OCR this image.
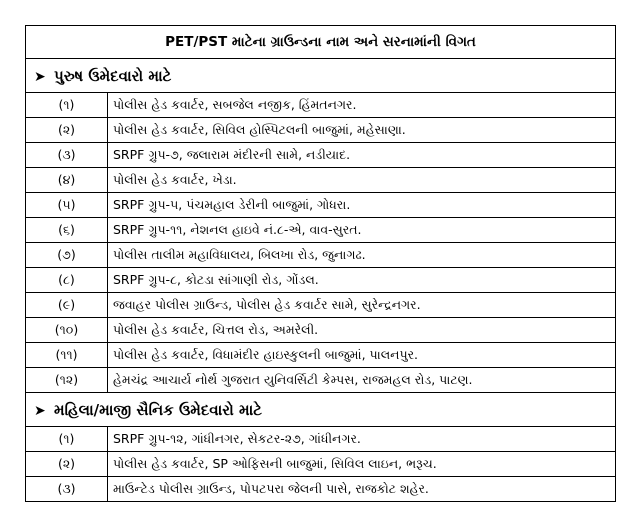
PET/PST માટેના ગ્રાઉન્ડના નામ અને સરનામાંની વિગત	
➤ પુરુષ ઉમેદવારો માટે	
(૧)	પોલીસ હેડ કવાર્ટર, સબજેલ નજીક, હિંમતનગર.
(૨)	પોલીસ હેડ કવાર્ટર, સિવિલ હોસ્પિટલની બાજુમાં, મહેસાણા.
(૩)	SRPF ગ્રુપ-૭, જલારામ મંદીરની સામે, નડીયાદ.
(૪)	પોલીસ હેડ કવાર્ટર, ખેડા.
(૫)	SRPF ગ્રુપ-૫, પંચમહાલ ડેરીની બાજુમાં, ગોધરા.
(૬)	SRPF ગ્રુપ-૧૧, નેશનલ હાઇવે નં.૮-એ, વાવ-સુરત.
(૭)	પોલીસ તાલીમ મહાવિધાલય, બિલખા રોડ, જુનાગઢ.
(૮)	SRPF ગ્રુપ-૮, કોટડા સાંગાણી રોડ, ગોંડલ.
(૯)	જવાહર પોલીસ ગ્રાઉન્ડ, પોલીસ હેડ કવાર્ટર સામે, સુરેન્દ્રનગર.
(૧૦)	પોલીસ હેડ કવાર્ટર, ચિત્તલ રોડ, અમરેલી.
(૧૧)	પોલીસ હેડ કવાર્ટર, વિધામંદીર હાઇસ્કુલની બાજુમાં, પાલનપુર.
(૧૨)	હેમચંદ્ર આચાર્ય નોર્થ ગુજરાત યુનિવર્સિટી કેમ્પસ, રાજમહલ રોડ, પાટણ.
➤ મહિલા/માજી સૈનિક ઉમેદવારો માટે	
(૧)	SRPF ગ્રુપ-૧૨, ગાંધીનગર, સેકટર-૨૭, ગાંધીનગર.
(૨)	પોલીસ હેડ કવાર્ટર, SP ઓફિસની બાજુમાં, સિવિલ લાઇન, ભરૂચ.
(૩)	માઉન્ટેડ પોલીસ ગ્રાઉન્ડ, પોપટપરા જેલની પાસે, રાજકોટ શહેર.
